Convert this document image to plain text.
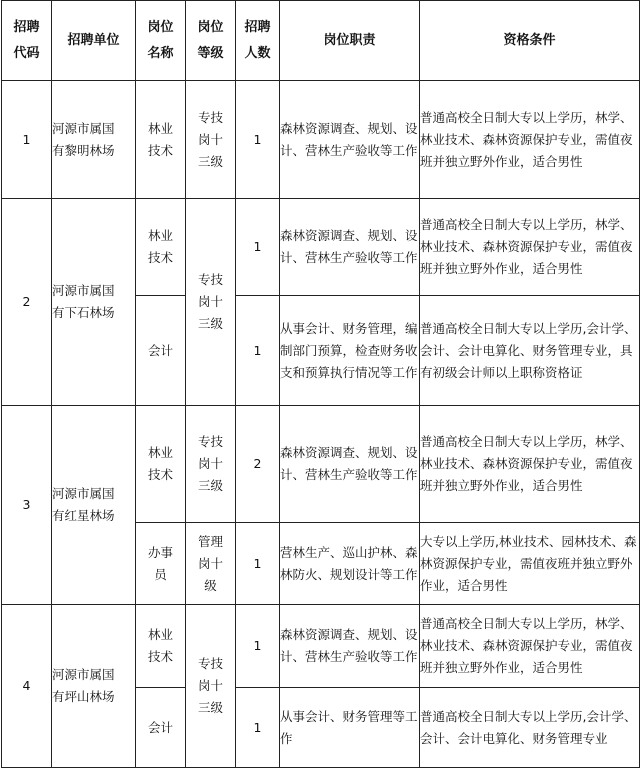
招聘代码	招聘单位	岗位名称	岗位等级	招聘人数	岗位职责	资格条件
1	河源市属国有黎明林场	林业技术	专技岗十三级	1	森林资源调查、规划、设计、营林生产验收等工作	普通高校全日制大专以上学历，林学、林业技术、森林资源保护专业，需值夜班并独立野外作业，适合男性
2	河源市属国有下石林场	林业技术	专技岗十三级	1	森林资源调查、规划、设计、营林生产验收等工作	普通高校全日制大专以上学历，林学、林业技术、森林资源保护专业，需值夜班并独立野外作业，适合男性
		会计		1	从事会计、财务管理，编制部门预算，检查财务收支和预算执行情况等工作	普通高校全日制大专以上学历,会计学、会计、会计电算化、财务管理专业，具有初级会计师以上职称资格证
3	河源市属国有红星林场	林业技术	专技岗十三级	2	森林资源调查、规划、设计、营林生产验收等工作	普通高校全日制大专以上学历，林学、林业技术、森林资源保护专业，需值夜班并独立野外作业，适合男性

		办事员	管理岗十级	1	营林生产、巡山护林、森林防火、规划设计等工作	大专以上学历,林业技术、园林技术、森林资源保护专业，需值夜班并独立野外作业，适合男性
4	河源市属国有坪山林场	林业技术	专技岗十三级	1	森林资源调查、规划、设计、营林生产验收等工作	普通高校全日制大专以上学历，林学、林业技术、森林资源保护专业，需值夜班并独立野外作业，适合男性
		会计		1	从事会计、财务管理等工作	普通高校全日制大专以上学历,会计学、会计、会计电算化、财务管理专业
